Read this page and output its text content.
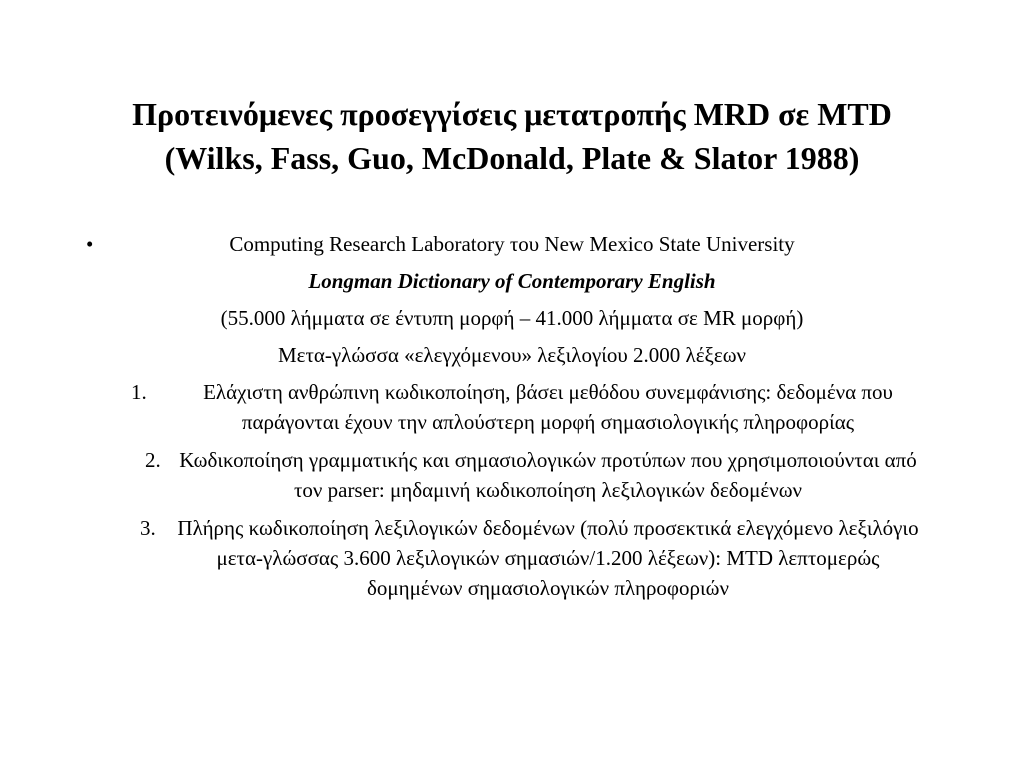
Προτεινόμενες προσεγγίσεις μετατροπής MRD σε MTD
(Wilks, Fass, Guo, McDonald, Plate & Slator 1988)
•	Computing Research Laboratory του New Mexico State University
Longman Dictionary of Contemporary English
(55.000 λήμματα σε έντυπη μορφή – 41.000 λήμματα σε MR μορφή)
Μετα-γλώσσα «ελεγχόμενου» λεξιλογίου 2.000 λέξεων
1.	Ελάχιστη ανθρώπινη κωδικοποίηση, βάσει μεθόδου συνεμφάνισης: δεδομένα που παράγονται έχουν την απλούστερη μορφή σημασιολογικής πληροφορίας
2. Κωδικοποίηση γραμματικής και σημασιολογικών προτύπων που χρησιμοποιούνται από τον parser: μηδαμινή κωδικοποίηση λεξιλογικών δεδομένων
3.	Πλήρης κωδικοποίηση λεξιλογικών δεδομένων (πολύ προσεκτικά ελεγχόμενο λεξιλόγιο μετα-γλώσσας 3.600 λεξιλογικών σημασιών/1.200 λέξεων): MTD λεπτομερώς δομημένων σημασιολογικών πληροφοριών
